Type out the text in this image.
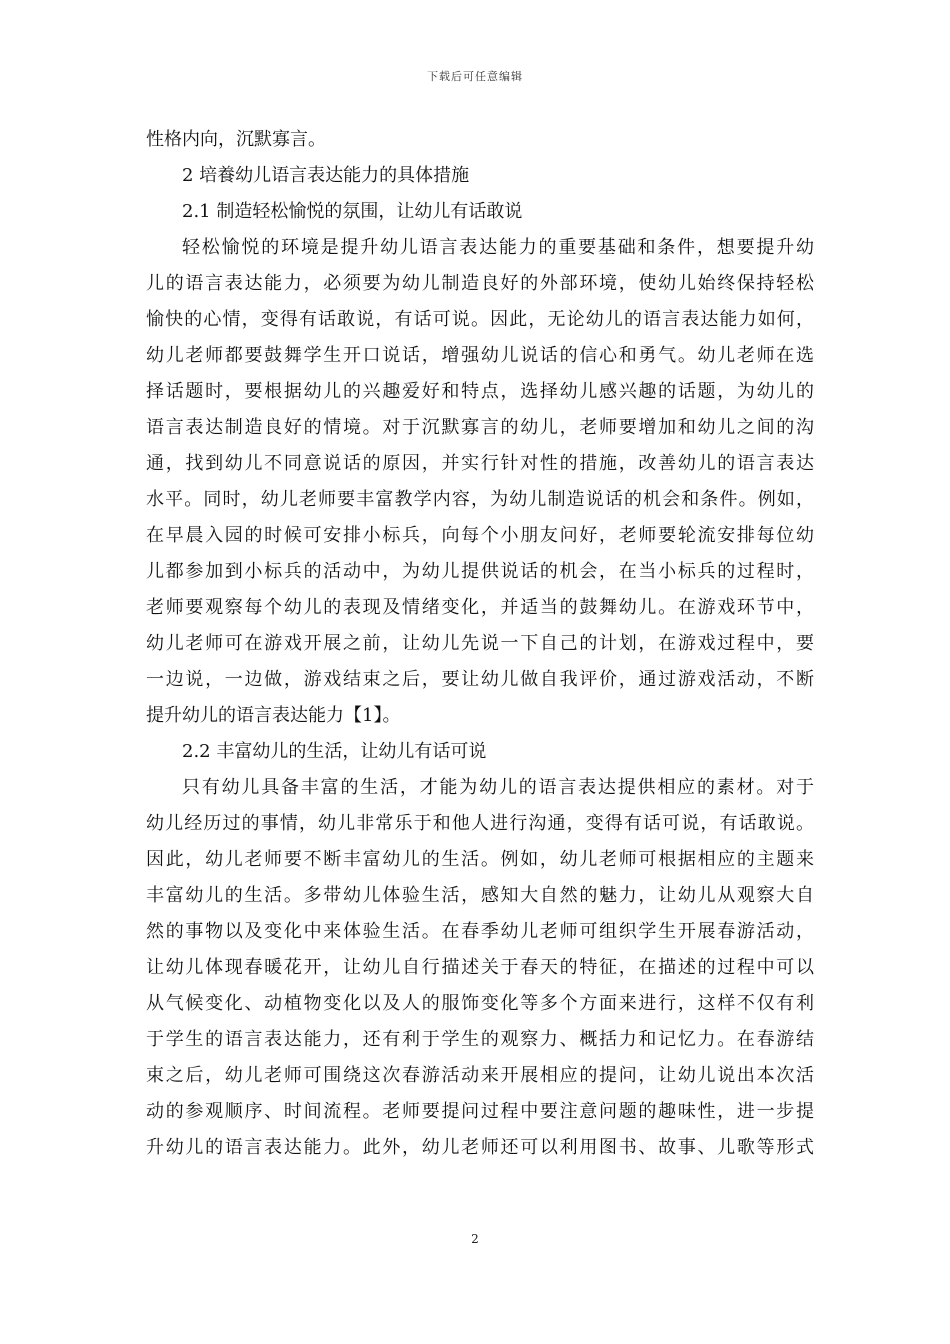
下载后可任意编辑
性格内向，沉默寡言。
2 培養幼儿语言表达能力的具体措施
2.1 制造轻松愉悦的氛围，让幼儿有话敢说
轻松愉悦的环境是提升幼儿语言表达能力的重要基础和条件，想要提升幼
儿的语言表达能力，必须要为幼儿制造良好的外部环境，使幼儿始终保持轻松
愉快的心情，变得有话敢说，有话可说。因此，无论幼儿的语言表达能力如何，
幼儿老师都要鼓舞学生开口说话，增强幼儿说话的信心和勇气。幼儿老师在选
择话题时，要根据幼儿的兴趣爱好和特点，选择幼儿感兴趣的话题，为幼儿的
语言表达制造良好的情境。对于沉默寡言的幼儿，老师要增加和幼儿之间的沟
通，找到幼儿不同意说话的原因，并实行针对性的措施，改善幼儿的语言表达
水平。同时，幼儿老师要丰富教学内容，为幼儿制造说话的机会和条件。例如，
在早晨入园的时候可安排小标兵，向每个小朋友问好，老师要轮流安排每位幼
儿都参加到小标兵的活动中，为幼儿提供说话的机会，在当小标兵的过程时，
老师要观察每个幼儿的表现及情绪变化，并适当的鼓舞幼儿。在游戏环节中，
幼儿老师可在游戏开展之前，让幼儿先说一下自己的计划，在游戏过程中，要
一边说，一边做，游戏结束之后，要让幼儿做自我评价，通过游戏活动，不断
提升幼儿的语言表达能力【1】。
2.2 丰富幼儿的生活，让幼儿有话可说
只有幼儿具备丰富的生活，才能为幼儿的语言表达提供相应的素材。对于
幼儿经历过的事情，幼儿非常乐于和他人进行沟通，变得有话可说，有话敢说。
因此，幼儿老师要不断丰富幼儿的生活。例如，幼儿老师可根据相应的主题来
丰富幼儿的生活。多带幼儿体验生活，感知大自然的魅力，让幼儿从观察大自
然的事物以及变化中来体验生活。在春季幼儿老师可组织学生开展春游活动，
让幼儿体现春暖花开，让幼儿自行描述关于春天的特征，在描述的过程中可以
从气候变化、动植物变化以及人的服饰变化等多个方面来进行，这样不仅有利
于学生的语言表达能力，还有利于学生的观察力、概括力和记忆力。在春游结
束之后，幼儿老师可围绕这次春游活动来开展相应的提问，让幼儿说出本次活
动的参观顺序、时间流程。老师要提问过程中要注意问题的趣味性，进一步提
升幼儿的语言表达能力。此外，幼儿老师还可以利用图书、故事、儿歌等形式
2
